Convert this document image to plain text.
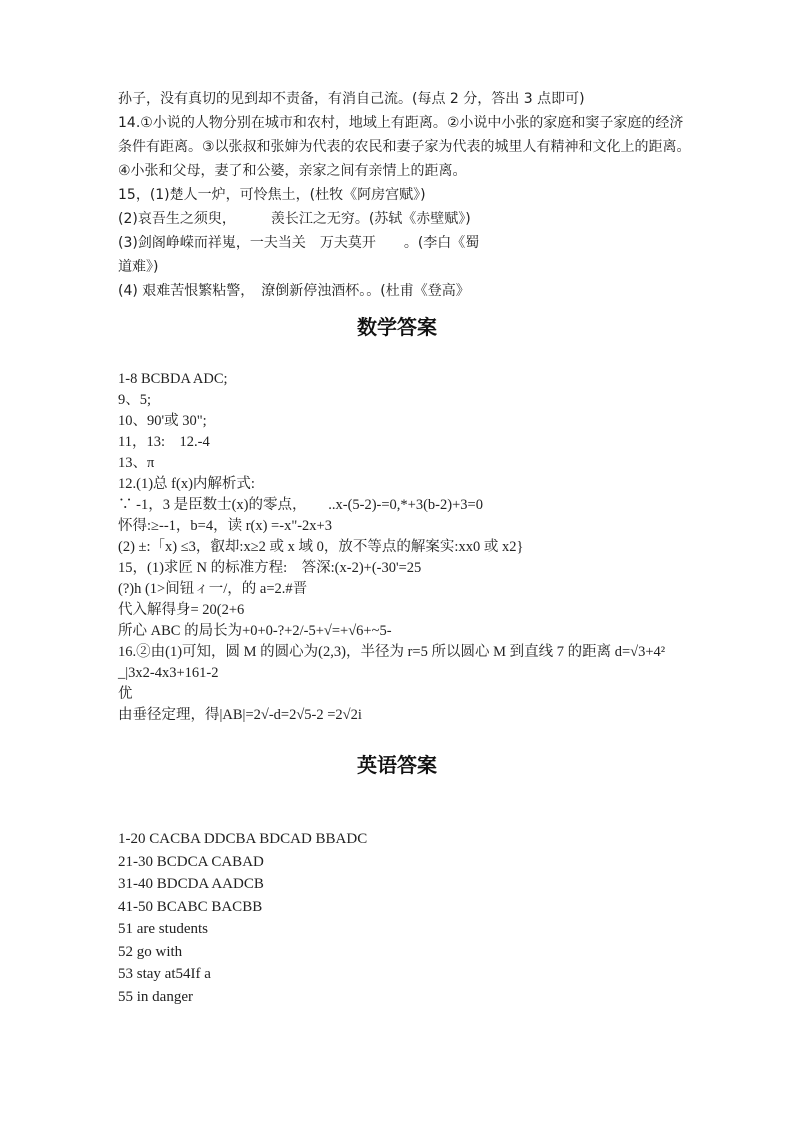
孙子，没有真切的见到却不责备，有消自己流。(每点 2 分，答出 3 点即可)
14.①小说的人物分别在城市和农村，地域上有距离。②小说中小张的家庭和窦子家庭的经济
条件有距离。③以张叔和张婶为代表的农民和妻子家为代表的城里人有精神和文化上的距离。
④小张和父母，妻了和公婆，亲家之间有亲情上的距离。
15，(1)楚人一炉，可怜焦土，(杜牧《阿房宫赋》)
(2)哀吾生之须臾，　　　羡长江之无穷。(苏轼《赤壁赋》)
(3)剑阁峥嵘而祥嵬，一夫当关　万夫莫开　　。(李白《蜀
道难》)
(4) 艰难苦恨繁粘警，　潦倒新停浊酒杯。。(杜甫《登高》
数学答案
1-8 BCBDA ADC;
9、5;
10、90'或 30";
11，13:　12.-4
13、π
12.(1)总 f(x)内解析式:
∵ -1，3 是臣数士(x)的零点，　　..x-(5-2)-=0,*+3(b-2)+3=0
怀得:≥--1，b=4，读 r(x) =-x"-2x+3
(2) ±:「x) ≤3，叡却:x≥2 或 x 域 0，放不等点的解案实:xx0 或 x2}
15，(1)求匠 N 的标准方程:　答深:(x-2)+(-30'=25
(?)h (1>间钮ィ一/，的 a=2.#晋
代入解得身= 20(2+6
所心 ABC 的局长为+0+0-?+2/-5+√=+√6+~5-
16.②由(1)可知，圆 M 的圆心为(2,3)，半径为 r=5 所以圆心 M 到直线 7 的距离 d=√3+4²
_|3x2-4x3+161-2
优
由垂径定理，得|AB|=2√-d=2√5-2 =2√2i
英语答案
1-20 CACBA DDCBA BDCAD BBADC
21-30 BCDCA CABAD
31-40 BDCDA AADCB
41-50 BCABC BACBB
51 are students
52 go with
53 stay at54If a
55 in danger
